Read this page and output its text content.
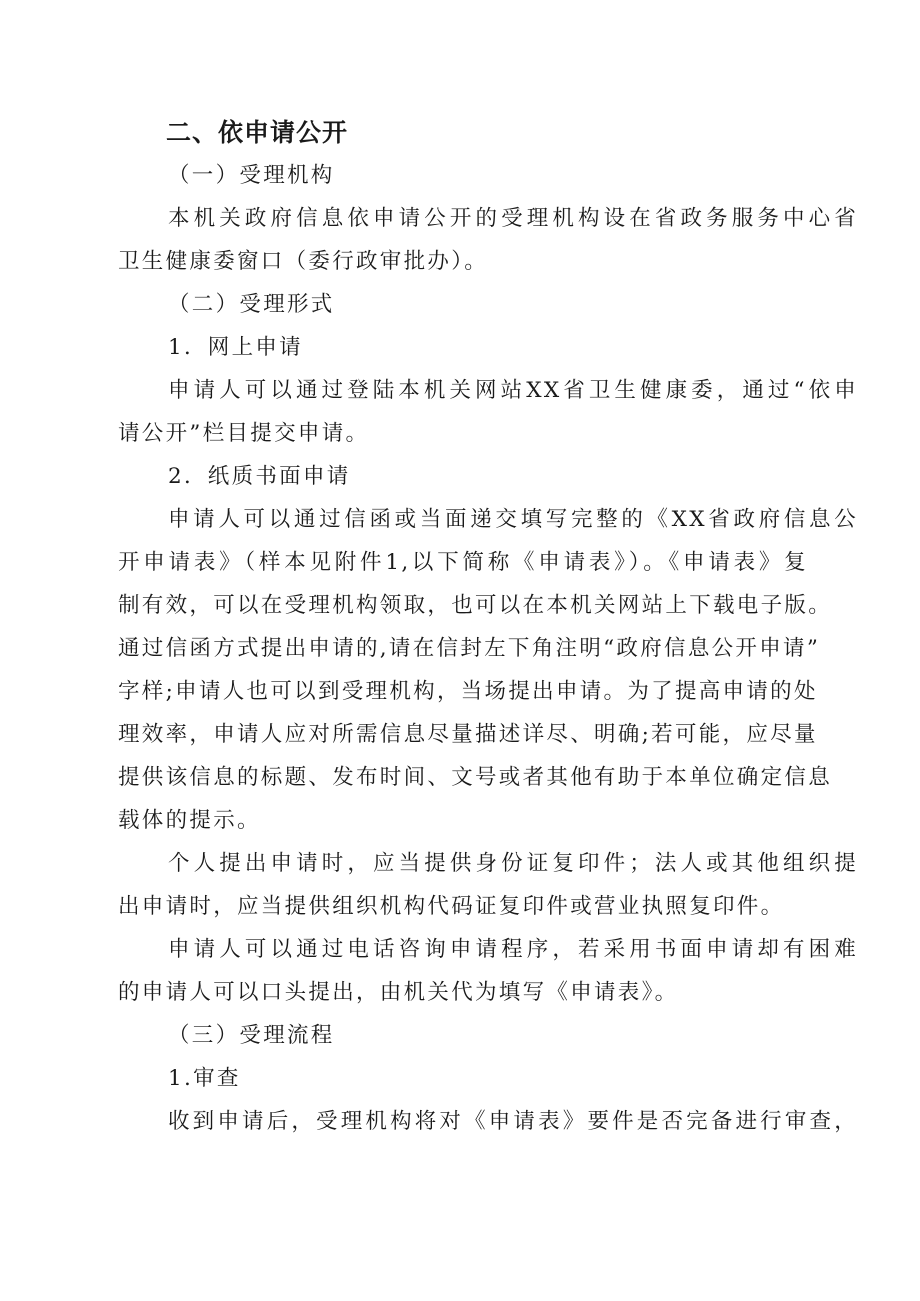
二、依申请公开

（一）受理机构

本机关政府信息依申请公开的受理机构设在省政务服务中心省

卫生健康委窗口（委行政审批办）。

（二）受理形式

1．网上申请

申请人可以通过登陆本机关网站XX省卫生健康委，通过“依申

请公开”栏目提交申请。

2．纸质书面申请

申请人可以通过信函或当面递交填写完整的《XX省政府信息公

开申请表》（样本见附件1,以下简称《申请表》）。《申请表》复

制有效，可以在受理机构领取，也可以在本机关网站上下载电子版。

通过信函方式提出申请的,请在信封左下角注明“政府信息公开申请”

字样;申请人也可以到受理机构，当场提出申请。为了提高申请的处

理效率，申请人应对所需信息尽量描述详尽、明确;若可能，应尽量

提供该信息的标题、发布时间、文号或者其他有助于本单位确定信息

载体的提示。

个人提出申请时，应当提供身份证复印件；法人或其他组织提

出申请时，应当提供组织机构代码证复印件或营业执照复印件。

申请人可以通过电话咨询申请程序，若采用书面申请却有困难

的申请人可以口头提出，由机关代为填写《申请表》。

（三）受理流程

1.审查

收到申请后，受理机构将对《申请表》要件是否完备进行审查，
